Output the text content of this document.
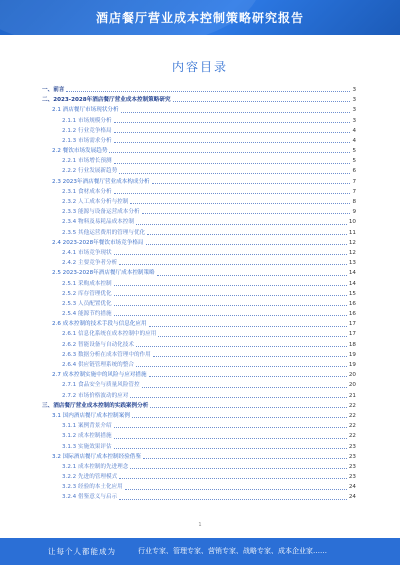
酒店餐厅营业成本控制策略研究报告
内容目录
一、前言	3
二、2023-2028年酒店餐厅营业成本控制策略研究	3
2.1 酒店餐厅市场现状分析	3
2.1.1 市场规模分析	3
2.1.2 行业竞争格局	4
2.1.3 市场需求分析	4
2.2 餐饮市场发展趋势	5
2.2.1 市场增长预测	5
2.2.2 行业发展新趋势	6
2.3 2023年酒店餐厅营业成本构成分析	7
2.3.1 食材成本分析	7
2.3.2 人工成本分析与控制	8
2.3.3 能源与设备运营成本分析	9
2.3.4 物料及易耗品成本控制	10
2.3.5 其他运营费用的管理与优化	11
2.4 2023-2028年餐饮市场竞争格局	12
2.4.1 市场竞争现状	12
2.4.2 主要竞争者分析	13
2.5 2023-2028年酒店餐厅成本控制策略	14
2.5.1 采购成本控制	14
2.5.2 库存管理优化	15
2.5.3 人员配置优化	16
2.5.4 能源节约措施	16
2.6 成本控制的技术手段与信息化应用	17
2.6.1 信息化系统在成本控制中的应用	17
2.6.2 智能设备与自动化技术	18
2.6.3 数据分析在成本管理中的作用	19
2.6.4 供应链管理系统的整合	19
2.7 成本控制实施中的风险与应对措施	20
2.7.1 食品安全与质量风险管控	20
2.7.2 市场价格波动的应对	21
三、酒店餐厅营业成本控制的实践案例分析	22
3.1 国内酒店餐厅成本控制案例	22
3.1.1 案例背景介绍	22
3.1.2 成本控制措施	22
3.1.3 实施效果评估	23
3.2 国际酒店餐厅成本控制经验借鉴	23
3.2.1 成本控制的先进理念	23
3.2.2 先进的管理模式	23
3.2.3 经验的本土化应用	24
3.2.4 借鉴意义与启示	24
1
让每个人都能成为	行业专家、管理专家、营销专家、战略专家、成本企业家……
